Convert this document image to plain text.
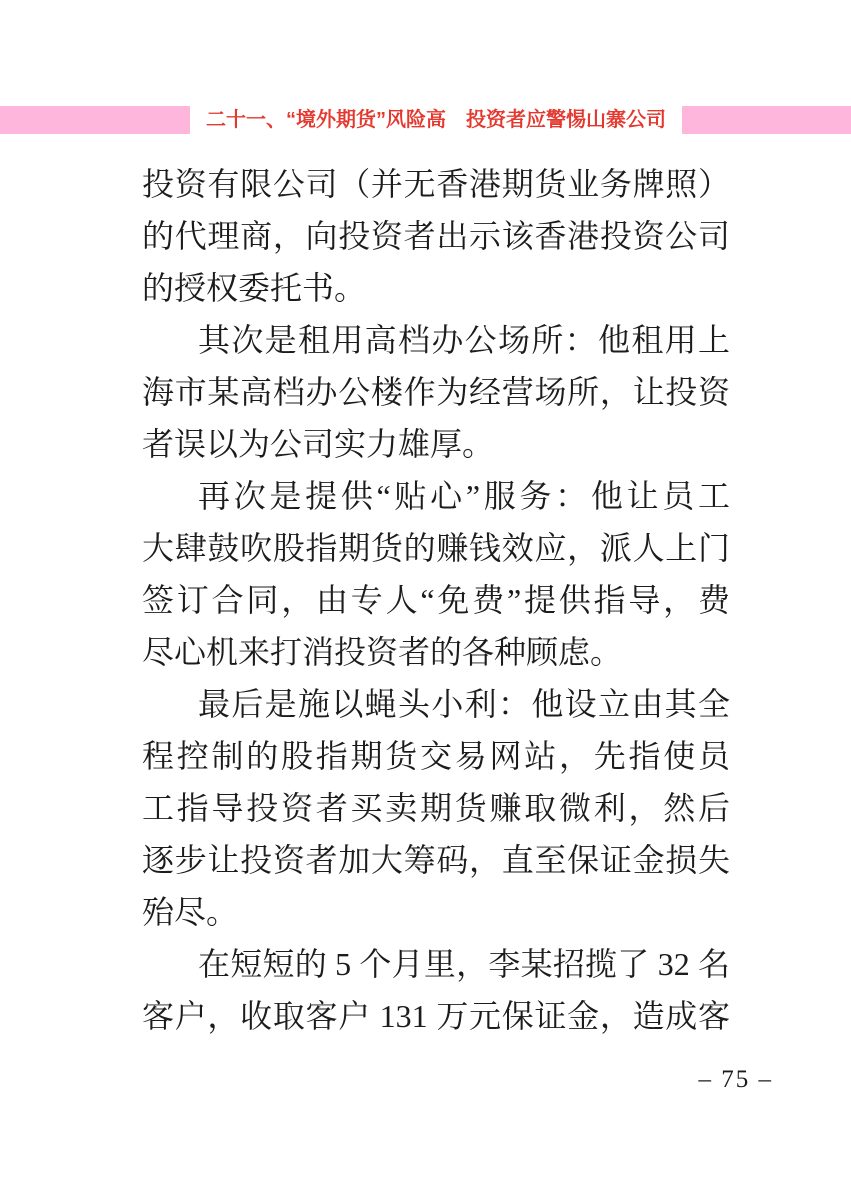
二十一、“境外期货”风险高　投资者应警惕山寨公司
投资有限公司（并无香港期货业务牌照）
的代理商，向投资者出示该香港投资公司
的授权委托书。
其次是租用高档办公场所：他租用上
海市某高档办公楼作为经营场所，让投资
者误以为公司实力雄厚。
再次是提供“贴心”服务：他让员工
大肆鼓吹股指期货的赚钱效应，派人上门
签订合同，由专人“免费”提供指导，费
尽心机来打消投资者的各种顾虑。
最后是施以蝇头小利：他设立由其全
程控制的股指期货交易网站，先指使员
工指导投资者买卖期货赚取微利，然后
逐步让投资者加大筹码，直至保证金损失
殆尽。
在短短的 5 个月里，李某招揽了 32 名
客户，收取客户 131 万元保证金，造成客
– 75 –
